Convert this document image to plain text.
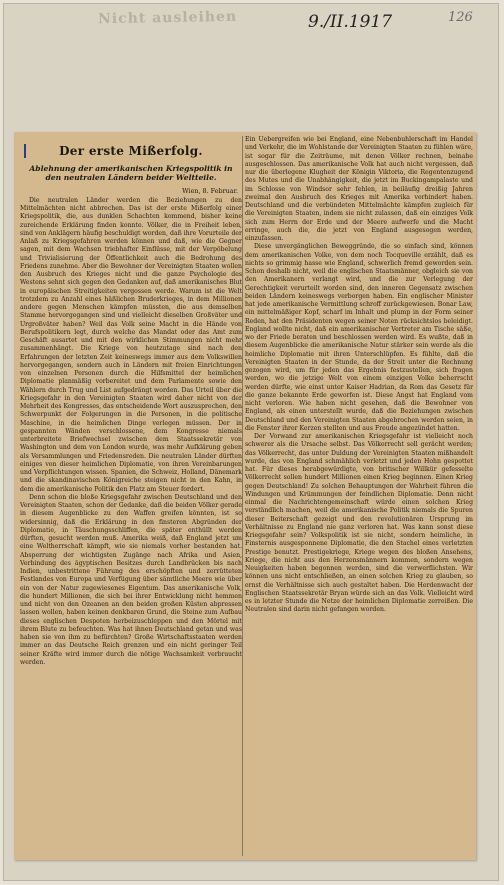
Nicht ausleihen	9./II.1917	126
Der erste Mißerfolg.
Ablehnung der amerikanischen Kriegspolitik in den neutralen Ländern beider Weltteile.
Wien, 8. Februar.

Die neutralen Länder werden die Beziehungen zu den Mittelmächten nicht abbrechen. Das ist der erste Mißerfolg einer Kriegspolitik, die, aus dunklen Schachten kommend, bisher keine zureichende Erklärung finden konnte. Völker, die in Freiheit leben, sind von Anklägern häufig beschuldigt worden, daß ihre Vorurteile der Anlaß zu Kriegsgefahren werden können und daß, wie die Gegner sagen, mit dem Wachsen triebhafter Einflüsse, mit der Verpöbelung und Trivialisierung der Öffentlichkeit auch die Bedrohung des Friedens zunehme. Aber die Bewohner der Vereinigten Staaten wollen den Ausbruch des Krieges nicht und die ganze Psychologie des Westens sehnt sich gegen den Gedanken auf, daß amerikanisches Blut in europäischen Streitigkeiten vergossen werde. Warum ist die Welt trotzdem zu Anzahl eines häßlichen Bruderkrieges, in dem Millionen andere gegen Menschen kämpfen müssten, die aus demselben Stamme hervorgegangen sind und vielleicht dieselben Großväter und Urgroßväter haben? Weil das Volk seine Macht in die Hände von Berufspolitikern legt, durch welche das Mandat oder das Amt zum Geschäft ausartet und mit den wirklichen Stimmungen nicht mehr zusammenhängt. Die Kriege von heutzutage sind nach den Erfahrungen der letzten Zeit keineswegs immer aus dem Volkswillen hervorgegangen, sondern auch in Ländern mit freien Einrichtungen von einzelnen Personen durch die Hilfsmittel der heimlichen Diplomatie planmäßig vorbereitet und dem Parlamente sowie den Wählern durch Trug und List aufgedrängt worden. Das Urteil über die Kriegsgefahr in den Vereinigten Staaten wird daher nicht von der Mehrheit des Kongresses, das entscheidende Wort auszusprechen, den Schwerpunkt der Folgerungen in die Personen, in die politische Maschine, in die heimlichen Dinge verlegen müssen. Der in gespannten Wänden verschlossene, dem Kongresse niemals unterbreitete Briefwechsel zwischen dem Staatssekretär von Washington und dem von London wurde, was mehr Aufklärung geben als Versammlungen und Friedensreden. Die neutralen Länder dürften einiges von dieser heimlichen Diplomatie, von ihren Vereinbarungen und Verpflichtungen wissen. Spanien, die Schweiz, Holland, Dänemark und die skandinavischen Königreiche steigen nicht in den Kahn, in dem die amerikanische Politik den Platz am Steuer fordert.

Denn schon die bloße Kriegsgefahr zwischen Deutschland und den Vereinigten Staaten, schon der Gedanke, daß die beiden Völker gerade in diesem Augenblicke zu den Waffen greifen könnten, ist so widersinnig, daß die Erklärung in den finsteren Abgründen der Diplomatie, in Täuschungsschliffen, die später enthüllt werden dürften, gesucht werden muß. Amerika weiß, daß England jetzt um eine Weltherrschaft kämpft, wie sie niemals vorher bestanden hat. Absperrung der wichtigsten Zugänge nach Afrika und Asien, Verbindung des ägyptischen Besitzes durch Landbrücken bis nach Indien, unbestrittene Führung des erschöpften und zerrütteten Festlandes von Europa und Verfügung über sämtliche Meere wie über ein von der Natur zugewiesenes Eigentum. Das amerikanische Volk, die hundert Millionen, die sich bei ihrer Entwicklung nicht hemmen und nicht von den Ozeanen an den beiden großen Küsten abpressen lassen wollen, haben keinen denkbaren Grund, die Steine zum Aufbau dieses englischen Despoten herbeizuschleppen und den Mörtel mit ihrem Blute zu befeuchten. Was hat ihnen Deutschland getan und was haben sie von ihm zu befürchten? Große Wirtschaftsstaaten werden immer an das Deutsche Reich grenzen und ein nicht geringer Teil seiner Kräfte wird immer durch die nötige Wachsamkeit verbraucht werden.

Ein Uebergreifen wie bei England, eine Nebenbuhlerschaft im Handel und Verkehr, die im Wohlstande der Vereinigten Staaten zu fühlen wäre, ist sogar für die Zeiträume, mit denen Völker rechnen, beinahe ausgeschlossen. Das amerikanische Volk hat auch nicht vergessen, daß nur die überlegene Klugheit der Königin Viktoria, die Regentenzugend des Mutes und die Unabhängigkeit, die jetzt im Buckingampalaste und im Schlosse von Windsor sehr fehlen, in beiläufig dreißig Jahren zweimal den Ausbruch des Krieges mit Amerika verhindert haben. Deutschland und die verbündeten Mittelmächte kämpfen zugleich für die Vereinigten Staaten, indem sie nicht zulassen, daß ein einziges Volk sich zum Herrn der Erde und der Meere aufwerfe und die Macht erringe, auch die, die jetzt von England ausgesogen werden, einzufassen.

Diese unvergänglichen Beweggründe, die so einfach sind, können dem amerikanischen Volke, von dem noch Tocqueville erzählt, daß es nichts so grimmig hasse wie England, schwerlich fremd geworden sein. Schon deshalb nicht, weil die englischen Staatsmänner, obgleich sie von den Amerikanern verlangt wird, und die zur Verlegung der Gerechtigkeit verurteilt worden sind, den inneren Gegensatz zwischen beiden Ländern keineswegs verborgen haben. Ein englischer Minister hat jede amerikanische Vermittlung schroff zurückgewiesen. Bonar Law, ein mittelmäßiger Kopf, scharf im Inhalt und plump in der Form seiner Reden, hat den Präsidenten wegen seiner Noten rücksichtslos beleidigt. England wollte nicht, daß ein amerikanischer Vertreter am Tische säße, wo der Friede beraten und beschlossen werden wird. Es wußte, daß in diesem Augenblicke die amerikanische Natur stärker sein werde als die heimliche Diplomatie mit ihren Unterschlüpfen. Es fühlte, daß die Vereinigten Staaten in der Stunde, da der Streit unter die Rechnung gezogen wird, um für jeden das Ergebnis festzustellen, sich fragen werden, wo die jetzige Welt von einem einzigen Volke beherrscht werden dürfte, wie einst unter Kaiser Hadrian, da Rom das Gesetz für die ganze bekannte Erde geworfen ist. Diese Angst hat England vom nicht verloren. Wie haben nicht gesehen, daß die Bewohner von England, als einen unterstellt wurde, daß die Beziehungen zwischen Deutschland und den Vereinigten Staaten abgebrochen werden seien, in die Fenster ihrer Kerzen stellten und aus Freude angezündet hatten.

Der Vorwand zur amerikanischen Kriegsgefahr ist vielleicht noch schwerer als die Ursache selbst. Das Völkerrecht soll gerächt werden; das Völkerrecht, das unter Duldung der Vereinigten Staaten mißhandelt wurde, das von England schmählich verletzt und jeden Hohn gespottet hat. Für dieses herabgewürdigte, von britischer Willkür gefesselte Völkerrecht sollen hundert Millionen einen Krieg beginnen. Einen Krieg gegen Deutschland! Zu solchen Behauptungen der Wahrheit führen die Windungen und Krümmungen der feindlichen Diplomatie. Denn nicht einmal die Nachrichtengemeinschaft würde einen solchen Krieg verständlich machen, weil die amerikanische Politik niemals die Spuren dieser Beiterschaft gezeigt und den revolutionären Ursprung im Verhältnisse zu England nie ganz verloren hat. Was kann sonst diese Kriegsgefahr sein? Volkspolitik ist sie nicht, sondern heimliche, in Finsternis ausgesponnene Diplomatie, die den Stachel eines verletzten Prestige benutzt. Prestigekriege, Kriege wegen des bloßen Ansehens, Kriege, die nicht aus den Herzensmännern kommen, sondern wegen Neuigkeiten haben begonnen werden, sind die verwerflichsten. Wir können uns nicht entschließen, an einen solchen Krieg zu glauben, so ernst die Verhältnisse sich auch gestaltet haben. Die Herdenwacht der Englischen Staatssekretär Bryan würde sich an das Volk. Vielleicht wird es in letzter Stunde die Netze der heimlichen Diplomatie zerreißen. Die Neutralen sind darin nicht gefangen worden.
